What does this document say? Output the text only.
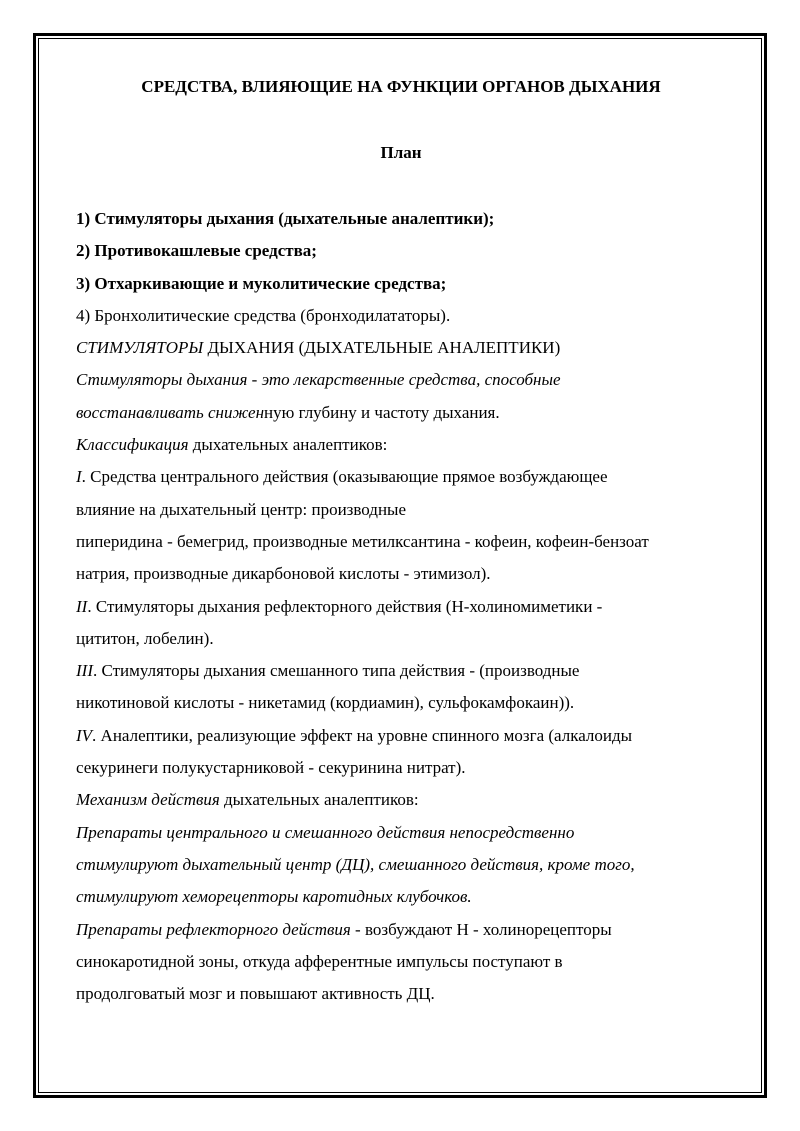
СРЕДСТВА, ВЛИЯЮЩИЕ НА ФУНКЦИИ ОРГАНОВ ДЫХАНИЯ
План
1) Стимуляторы дыхания (дыхательные аналептики);
2) Противокашлевые средства;
3) Отхаркивающие и муколитические средства;
4) Бронхолитические средства (бронходилататоры).
СТИМУЛЯТОРЫ ДЫХАНИЯ (ДЫХАТЕЛЬНЫЕ АНАЛЕПТИКИ)
Стимуляторы дыхания - это лекарственные средства, способные
восстанавливать сниженную глубину и частоту дыхания.
Классификация дыхательных аналептиков:
I. Средства центрального действия (оказывающие прямое возбуждающее
влияние на дыхательный центр: производные
пиперидина - бемегрид, производные метилксантина - кофеин, кофеин-бензоат
натрия, производные дикарбоновой кислоты - этимизол).
II. Стимуляторы дыхания рефлекторного действия (Н-холиномиметики -
цититон, лобелин).
III. Стимуляторы дыхания смешанного типа действия - (производные
никотиновой кислоты - никетамид (кордиамин), сульфокамфокаин)).
IV. Аналептики, реализующие эффект на уровне спинного мозга (алкалоиды
секуринеги полукустарниковой - секуринина нитрат).
Механизм действия дыхательных аналептиков:
Препараты центрального и смешанного действия непосредственно
стимулируют дыхательный центр (ДЦ), смешанного действия, кроме того,
стимулируют хеморецепторы каротидных клубочков.
Препараты рефлекторного действия - возбуждают Н - холинорецепторы
синокаротидной зоны, откуда афферентные импульсы поступают в
продолговатый мозг и повышают активность ДЦ.
